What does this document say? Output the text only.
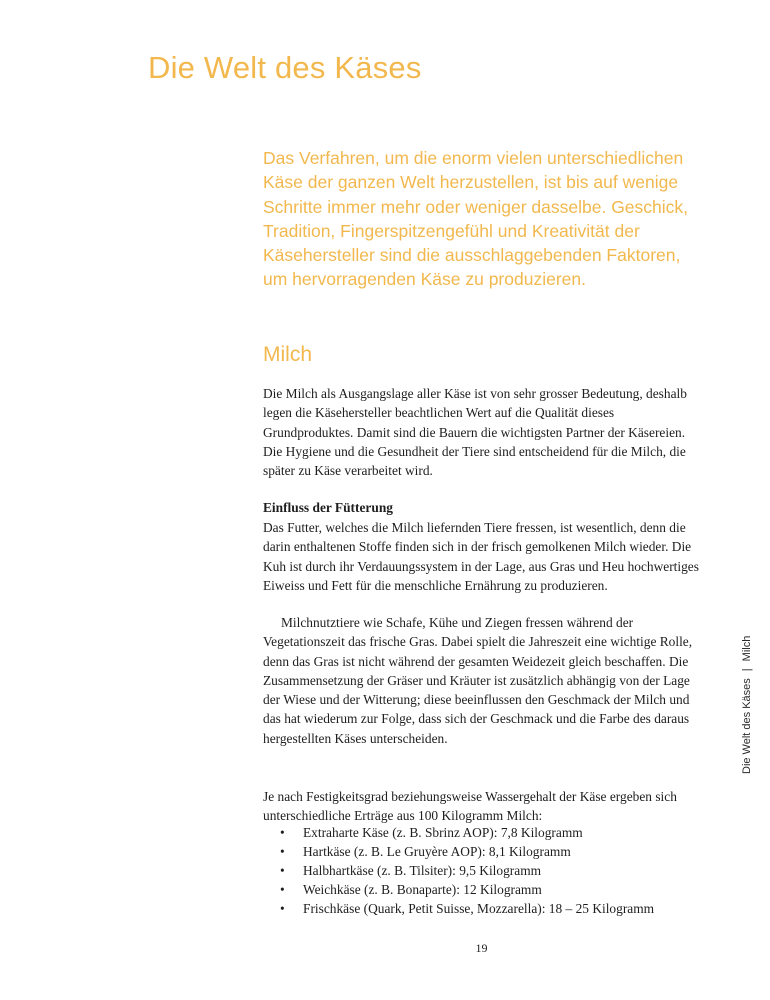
Die Welt des Käses

Das Verfahren, um die enorm vielen unterschiedlichen Käse der ganzen Welt herzustellen, ist bis auf wenige Schritte immer mehr oder weniger dasselbe. Geschick, Tradition, Fingerspitzengefühl und Kreativität der Käsehersteller sind die ausschlaggebenden Faktoren, um hervorragenden Käse zu produzieren.

Milch

Die Milch als Ausgangslage aller Käse ist von sehr grosser Bedeutung, deshalb legen die Käsehersteller beachtlichen Wert auf die Qualität dieses Grundproduktes. Damit sind die Bauern die wichtigsten Partner der Käsereien. Die Hygiene und die Gesundheit der Tiere sind entscheidend für die Milch, die später zu Käse verarbeitet wird.

Einfluss der Fütterung

Das Futter, welches die Milch liefernden Tiere fressen, ist wesentlich, denn die darin enthaltenen Stoffe finden sich in der frisch gemolkenen Milch wieder. Die Kuh ist durch ihr Verdauungssystem in der Lage, aus Gras und Heu hochwertiges Eiweiss und Fett für die menschliche Ernährung zu produzieren.

Milchnutztiere wie Schafe, Kühe und Ziegen fressen während der Vegetationszeit das frische Gras. Dabei spielt die Jahreszeit eine wichtige Rolle, denn das Gras ist nicht während der gesamten Weidezeit gleich beschaffen. Die Zusammensetzung der Gräser und Kräuter ist zusätzlich abhängig von der Lage der Wiese und der Witterung; diese beeinflussen den Geschmack der Milch und das hat wiederum zur Folge, dass sich der Geschmack und die Farbe des daraus hergestellten Käses unterscheiden.

Je nach Festigkeitsgrad beziehungsweise Wassergehalt der Käse ergeben sich unterschiedliche Erträge aus 100 Kilogramm Milch:

• Extraharte Käse (z. B. Sbrinz AOP): 7,8 Kilogramm
• Hartkäse (z. B. Le Gruyère AOP): 8,1 Kilogramm
• Halbhartkäse (z. B. Tilsiter): 9,5 Kilogramm
• Weichkäse (z. B. Bonaparte): 12 Kilogramm
• Frischkäse (Quark, Petit Suisse, Mozzarella): 18 – 25 Kilogramm
19
Die Welt des Käses|Milch
